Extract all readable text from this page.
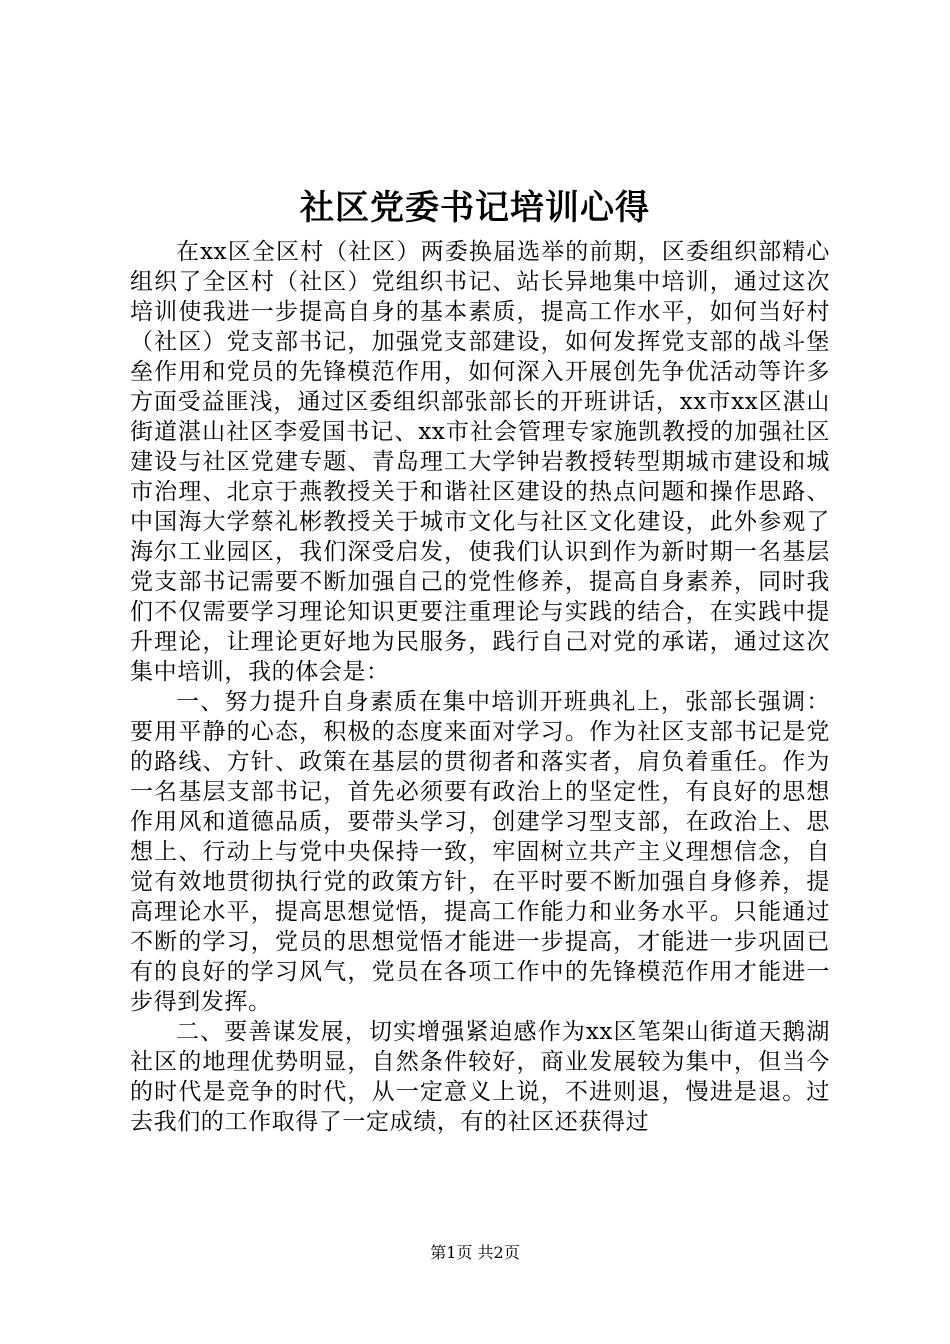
社区党委书记培训心得

在xx区全区村（社区）两委换届选举的前期，区委组织部精心组织了全区村（社区）党组织书记、站长异地集中培训，通过这次培训使我进一步提高自身的基本素质，提高工作水平，如何当好村（社区）党支部书记，加强党支部建设，如何发挥党支部的战斗堡垒作用和党员的先锋模范作用，如何深入开展创先争优活动等许多方面受益匪浅，通过区委组织部张部长的开班讲话，xx市xx区湛山街道湛山社区李爱国书记、xx市社会管理专家施凯教授的加强社区建设与社区党建专题、青岛理工大学钟岩教授转型期城市建设和城市治理、北京于燕教授关于和谐社区建设的热点问题和操作思路、中国海大学蔡礼彬教授关于城市文化与社区文化建设，此外参观了海尔工业园区，我们深受启发，使我们认识到作为新时期一名基层党支部书记需要不断加强自己的党性修养，提高自身素养，同时我们不仅需要学习理论知识更要注重理论与实践的结合，在实践中提升理论，让理论更好地为民服务，践行自己对党的承诺，通过这次集中培训，我的体会是：

一、努力提升自身素质在集中培训开班典礼上，张部长强调：要用平静的心态，积极的态度来面对学习。作为社区支部书记是党的路线、方针、政策在基层的贯彻者和落实者，肩负着重任。作为一名基层支部书记，首先必须要有政治上的坚定性，有良好的思想作用风和道德品质，要带头学习，创建学习型支部，在政治上、思想上、行动上与党中央保持一致，牢固树立共产主义理想信念，自觉有效地贯彻执行党的政策方针，在平时要不断加强自身修养，提高理论水平，提高思想觉悟，提高工作能力和业务水平。只能通过不断的学习，党员的思想觉悟才能进一步提高，才能进一步巩固已有的良好的学习风气，党员在各项工作中的先锋模范作用才能进一步得到发挥。

二、要善谋发展，切实增强紧迫感作为xx区笔架山街道天鹅湖社区的地理优势明显，自然条件较好，商业发展较为集中，但当今的时代是竞争的时代，从一定意义上说，不进则退，慢进是退。过去我们的工作取得了一定成绩，有的社区还获得过

第1页 共2页
